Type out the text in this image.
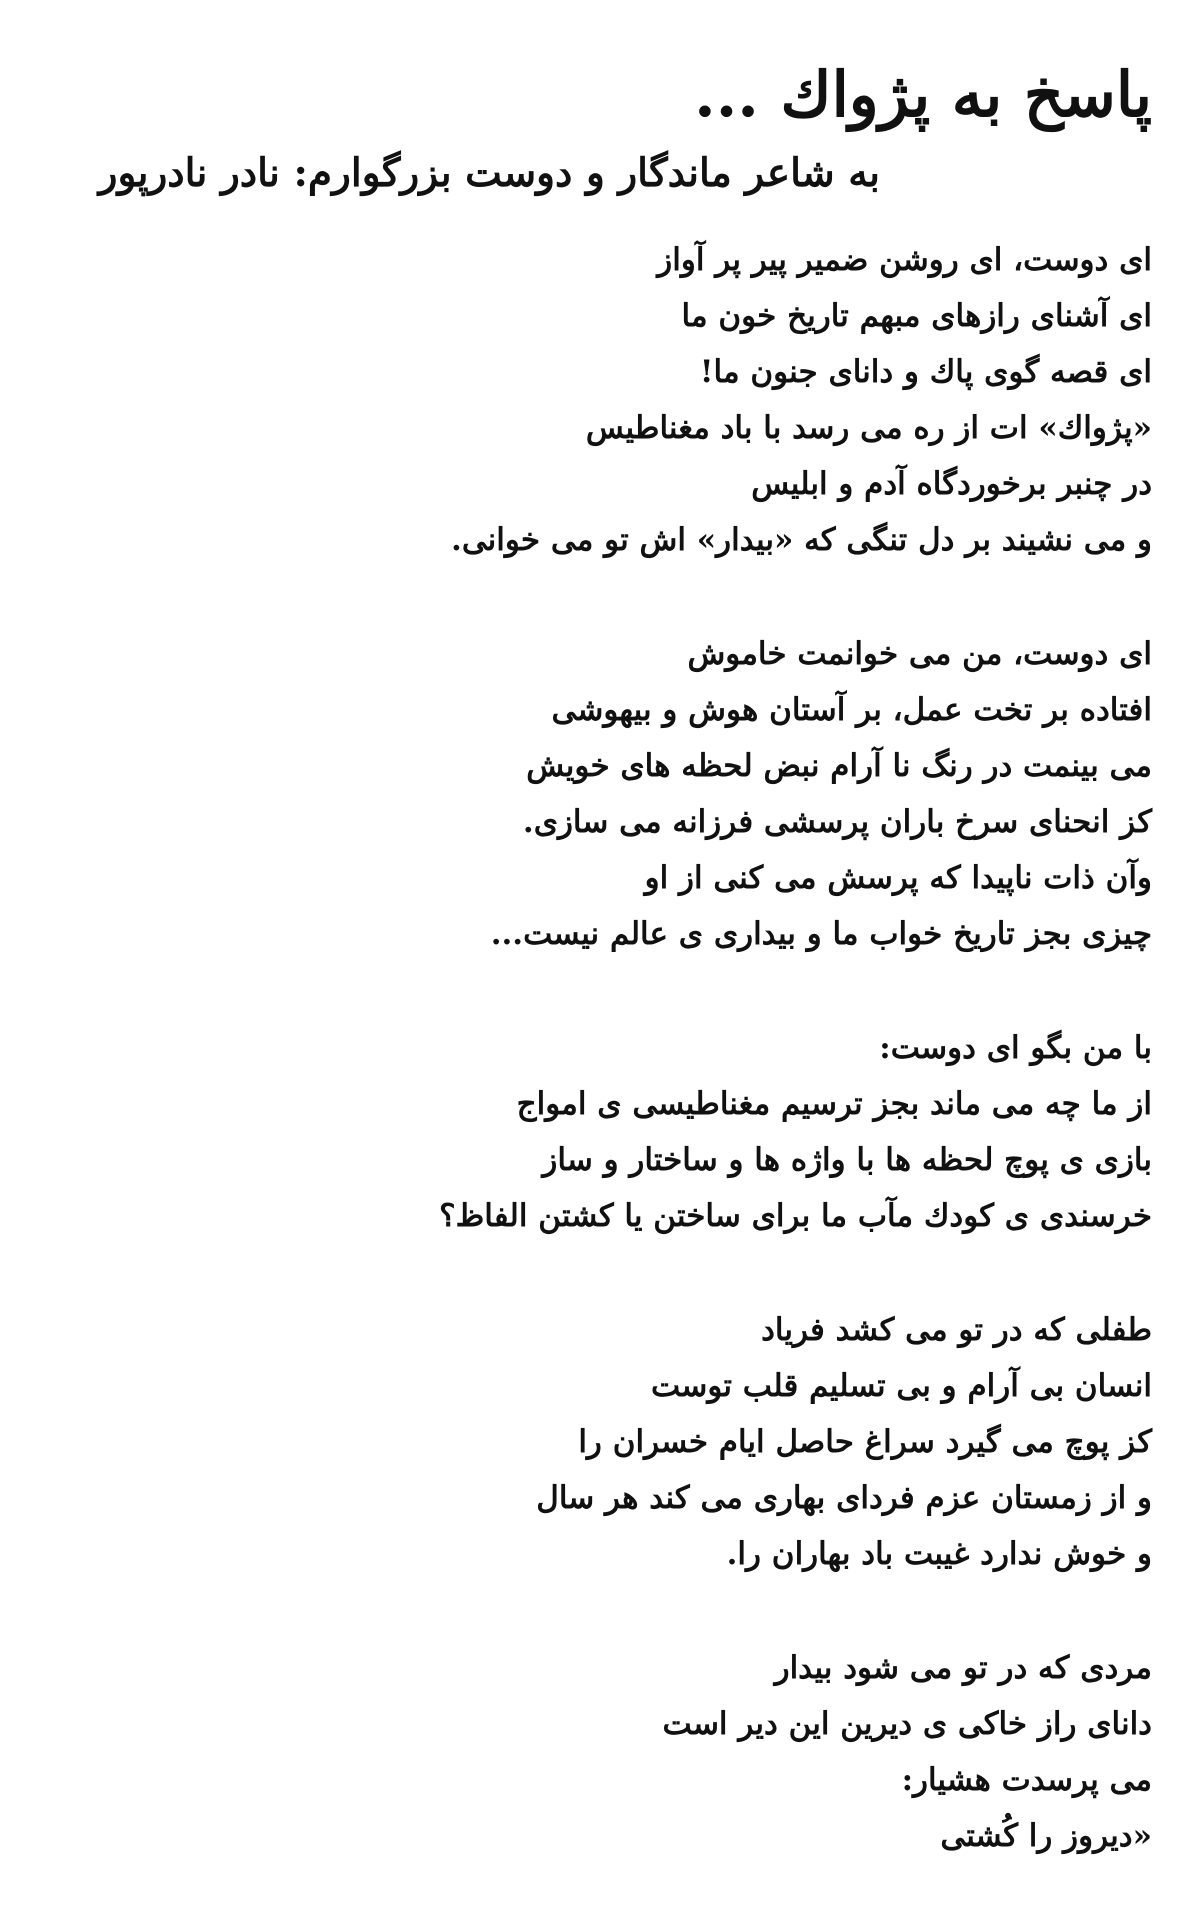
پاسخ به پژواك ...
به شاعر ماندگار و دوست بزرگوارم: نادر نادرپور
ای دوست، ای روشن ضمیر پیر پر آواز
ای آشنای رازهای مبهم تاریخ خون ما
ای قصه گوی پاك و دانای جنون ما!
«پژواك» ات از ره می رسد با باد مغناطیس
در چنبر برخوردگاه آدم و ابلیس
و می نشیند بر دل تنگی که «بیدار» اش تو می خوانی.
ای دوست، من می خوانمت خاموش
افتاده بر تخت عمل، بر آستان هوش و بیهوشی
می بینمت در رنگ نا آرام نبض لحظه های خویش
کز انحنای سرخ باران پرسشی فرزانه می سازی.
وآن ذات ناپیدا که پرسش می کنی از او
چیزی بجز تاریخ خواب ما و بیداری ی عالم نیست...
با من بگو ای دوست:
از ما چه می ماند بجز ترسیم مغناطیسی ی امواج
بازی ی پوچ لحظه ها با واژه ها و ساختار و ساز
خرسندی ی کودك مآب ما برای ساختن یا کشتن الفاظ؟
طفلی که در تو می کشد فریاد
انسان بی آرام و بی تسلیم قلب توست
کز پوچ می گیرد سراغ حاصل ایام خسران را
و از زمستان عزم فردای بهاری می کند هر سال
و خوش ندارد غیبت باد بهاران را.
مردی که در تو می شود بیدار
دانای راز خاکی ی دیرین این دیر است
می پرسدت هشیار:
«دیروز را کُشتی
